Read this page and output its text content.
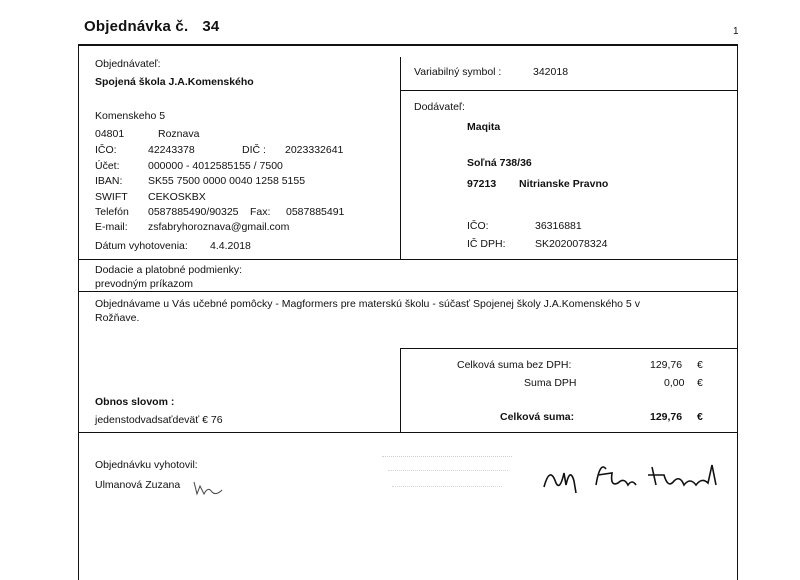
Objednávka č. 34	1
Objednávateľ:
Spojená škola J.A.Komenského
Komenskeho 5
04801	Roznava
IČO:	42243378	DIČ : 2023332641
Účet:	000000 - 4012585155 / 7500
IBAN: SK55 7500 0000 0040 1258 5155
SWIFT CEKOSKBX
Telefón 0587885490/90325 Fax: 0587885491
E-mail: zsfabryhoroznava@gmail.com
Variabilný symbol :	342018
Dodávateľ:
Maqita
Soľná 738/36
97213 Nitrianske Pravno
IČO:	36316881
IČ DPH:	SK2020078324
Dátum vyhotovenia: 4.4.2018
Dodacie a platobné podmienky:
prevodným príkazom
Objednávame u Vás učebné pomôcky - Magformers pre materskú školu - súčasť Spojenej školy J.A.Komenského 5 v
Rožňave.
Celková suma bez DPH:	129,76 €
Suma DPH	0,00 €
Celková suma:	129,76 €
Obnos slovom :
jedenstodvadsaťdeväť € 76
Objednávku vyhotovil:
Ulmanová Zuzana
